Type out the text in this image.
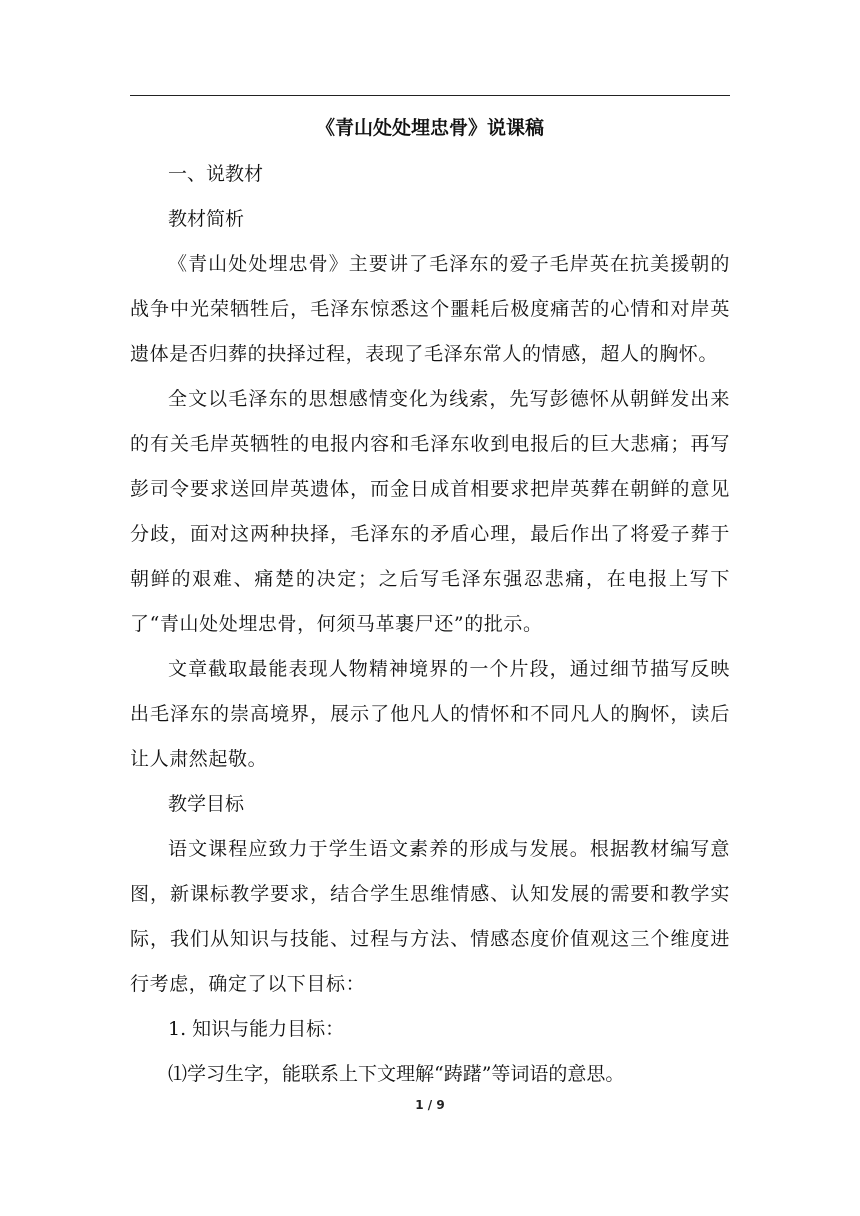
《青山处处埋忠骨》说课稿

一、说教材

教材简析

《青山处处埋忠骨》主要讲了毛泽东的爱子毛岸英在抗美援朝的战争中光荣牺牲后，毛泽东惊悉这个噩耗后极度痛苦的心情和对岸英遗体是否归葬的抉择过程，表现了毛泽东常人的情感，超人的胸怀。

全文以毛泽东的思想感情变化为线索，先写彭德怀从朝鲜发出来的有关毛岸英牺牲的电报内容和毛泽东收到电报后的巨大悲痛；再写彭司令要求送回岸英遗体，而金日成首相要求把岸英葬在朝鲜的意见分歧，面对这两种抉择，毛泽东的矛盾心理，最后作出了将爱子葬于朝鲜的艰难、痛楚的决定；之后写毛泽东强忍悲痛，在电报上写下了“青山处处埋忠骨，何须马革裹尸还”的批示。

文章截取最能表现人物精神境界的一个片段，通过细节描写反映出毛泽东的崇高境界，展示了他凡人的情怀和不同凡人的胸怀，读后让人肃然起敬。

教学目标

语文课程应致力于学生语文素养的形成与发展。根据教材编写意图，新课标教学要求，结合学生思维情感、认知发展的需要和教学实际，我们从知识与技能、过程与方法、情感态度价值观这三个维度进行考虑，确定了以下目标：

1. 知识与能力目标：

⑴学习生字，能联系上下文理解“踌躇”等词语的意思。

1 / 9
